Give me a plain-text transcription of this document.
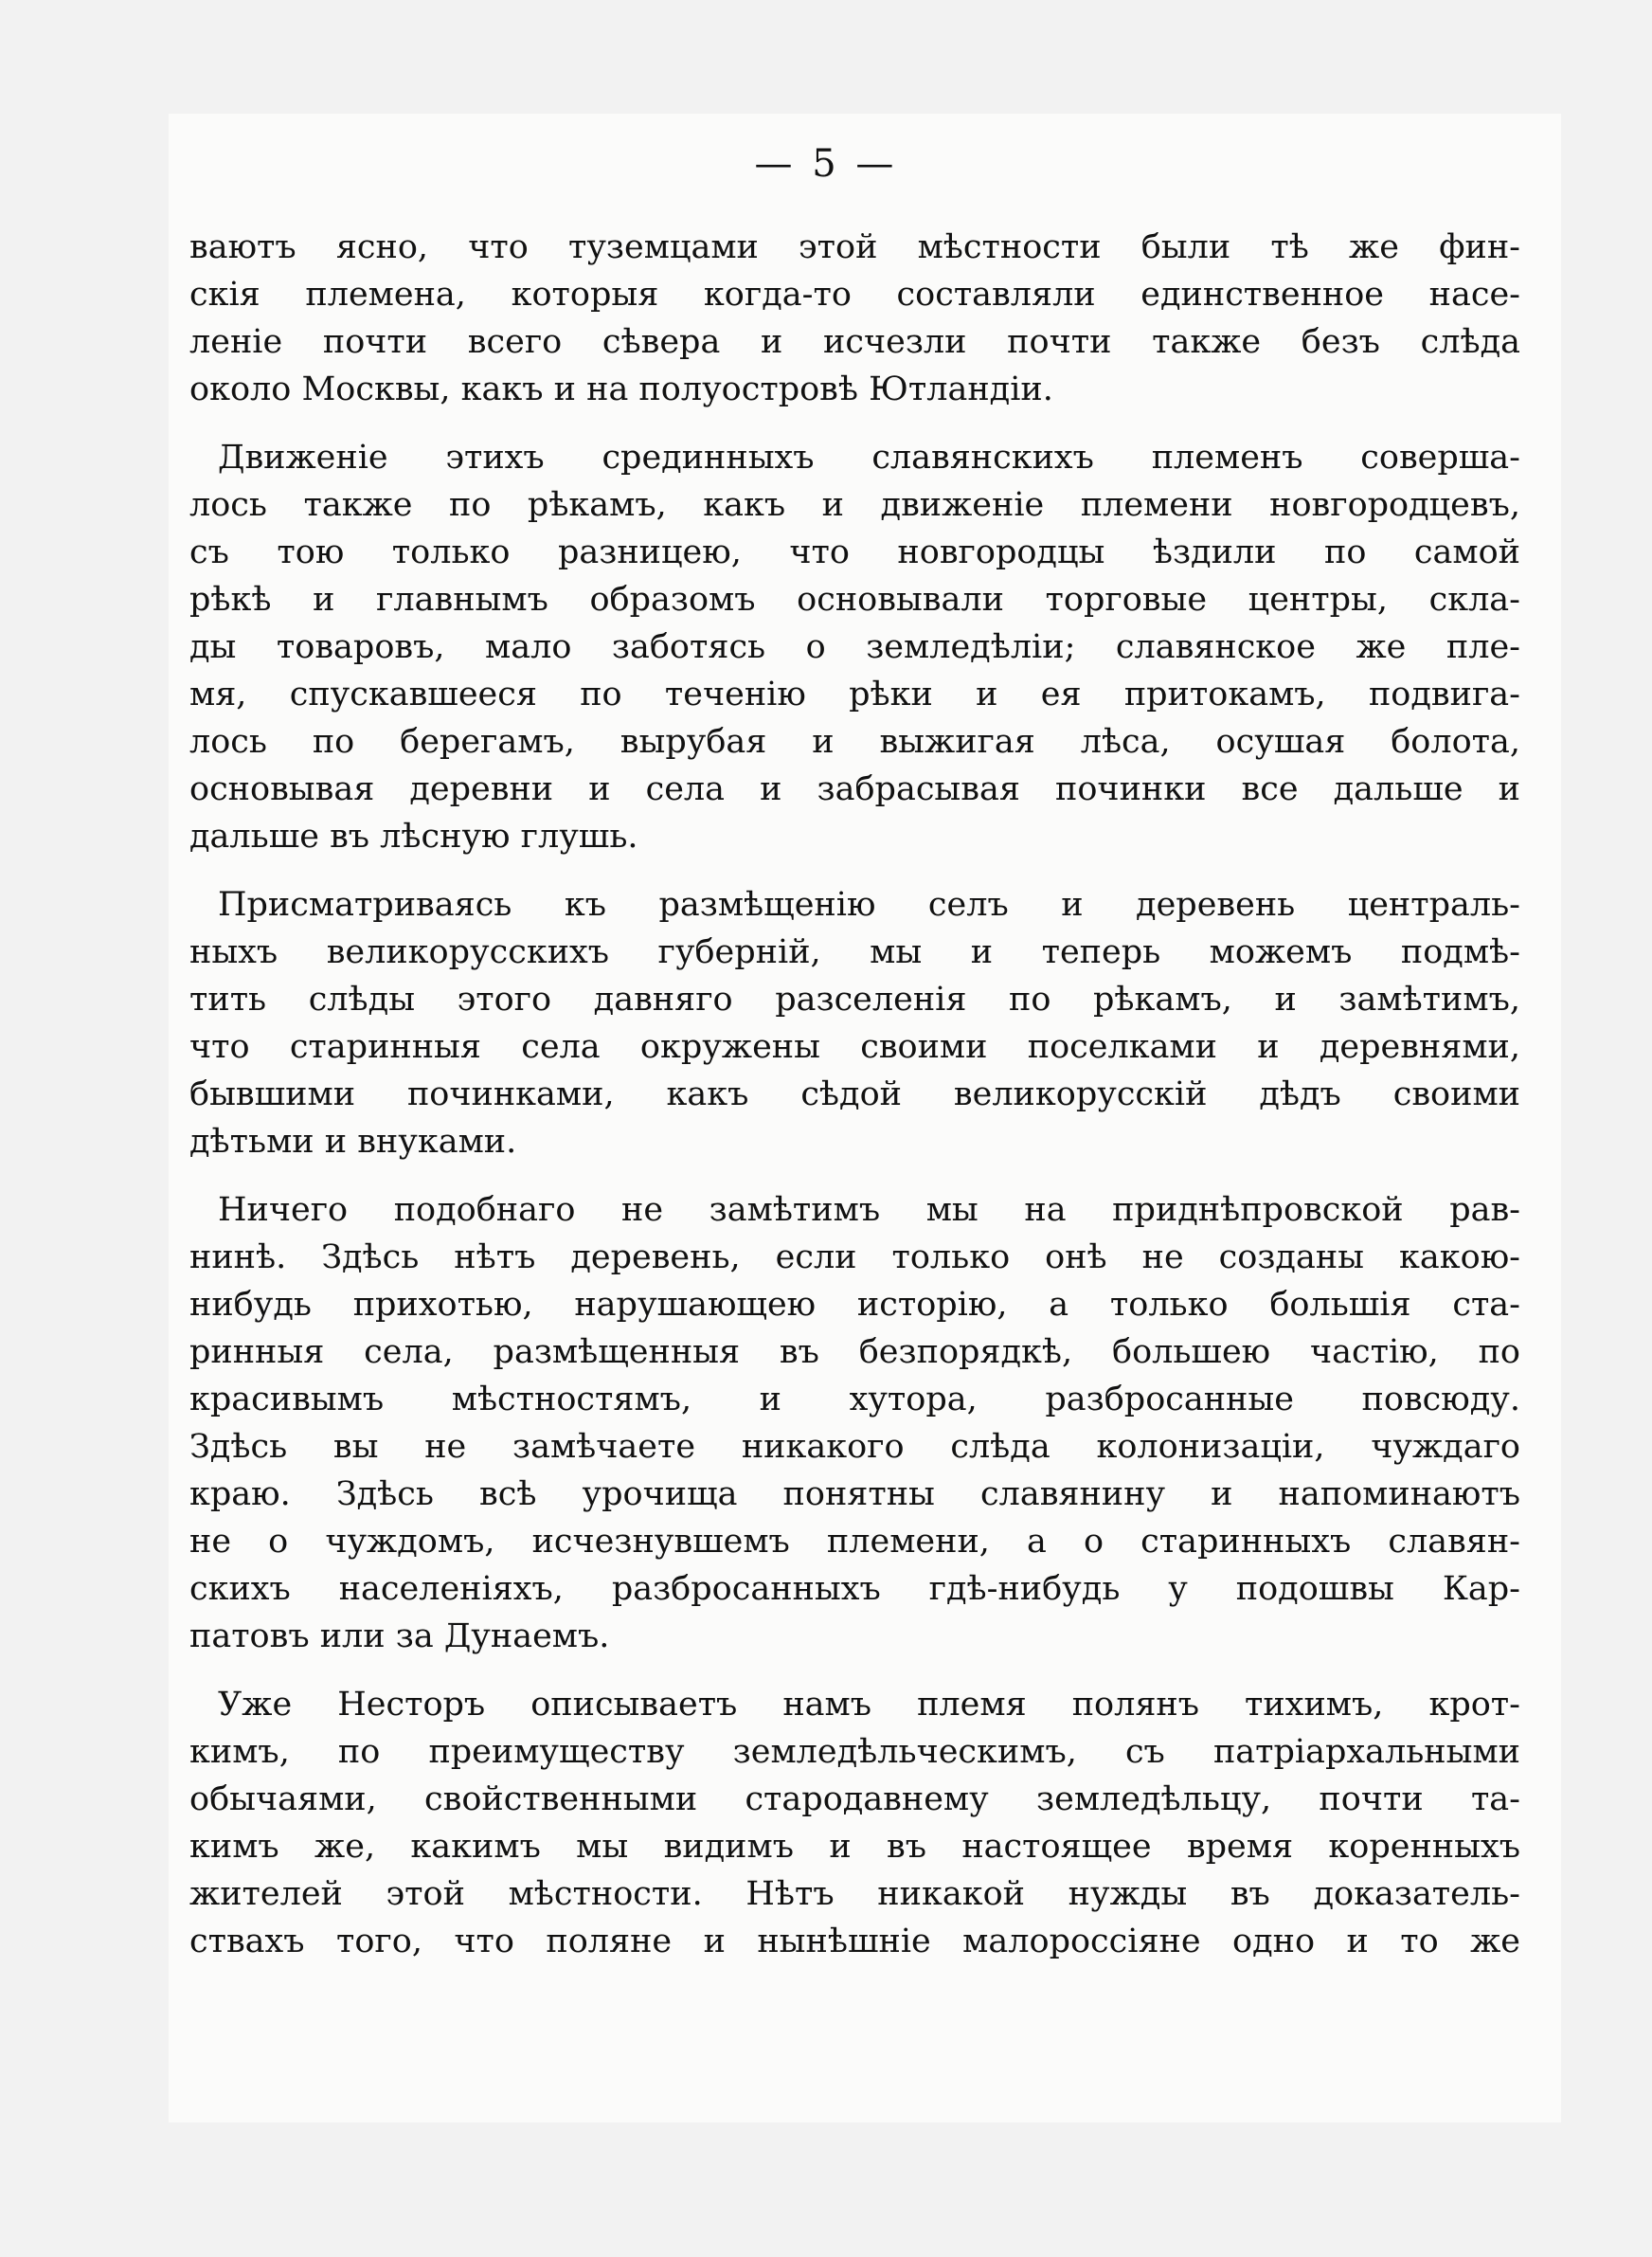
— 5 —
ваютъ ясно, что туземцами этой мѣстности были тѣ же фин-
скія племена, которыя когда-то составляли единственное насе-
леніе почти всего сѣвера и исчезли почти также безъ слѣда
около Москвы, какъ и на полуостровѣ Ютландіи.
Движеніе этихъ срединныхъ славянскихъ племенъ соверша-
лось также по рѣкамъ, какъ и движеніе племени новгородцевъ,
съ тою только разницею, что новгородцы ѣздили по самой
рѣкѣ и главнымъ образомъ основывали торговые центры, скла-
ды товаровъ, мало заботясь о земледѣліи; славянское же пле-
мя, спускавшееся по теченію рѣки и ея притокамъ, подвига-
лось по берегамъ, вырубая и выжигая лѣса, осушая болота,
основывая деревни и села и забрасывая починки все дальше и
дальше въ лѣсную глушь.
Присматриваясь къ размѣщенію селъ и деревень централь-
ныхъ великорусскихъ губерній, мы и теперь можемъ подмѣ-
тить слѣды этого давняго разселенія по рѣкамъ, и замѣтимъ,
что старинныя села окружены своими поселками и деревнями,
бывшими починками, какъ сѣдой великорусскій дѣдъ своими
дѣтьми и внуками.
Ничего подобнаго не замѣтимъ мы на приднѣпровской рав-
нинѣ. Здѣсь нѣтъ деревень, если только онѣ не созданы какою-
нибудь прихотью, нарушающею исторію, а только большія ста-
ринныя села, размѣщенныя въ безпорядкѣ, большею частію, по
красивымъ мѣстностямъ, и хутора, разбросанные повсюду.
Здѣсь вы не замѣчаете никакого слѣда колонизаціи, чуждаго
краю. Здѣсь всѣ урочища понятны славянину и напоминаютъ
не о чуждомъ, исчезнувшемъ племени, а о старинныхъ славян-
скихъ населеніяхъ, разбросанныхъ гдѣ-нибудь у подошвы Кар-
патовъ или за Дунаемъ.
Уже Несторъ описываетъ намъ племя полянъ тихимъ, крот-
кимъ, по преимуществу земледѣльческимъ, съ патріархальными
обычаями, свойственными стародавнему земледѣльцу, почти та-
кимъ же, какимъ мы видимъ и въ настоящее время коренныхъ
жителей этой мѣстности. Нѣтъ никакой нужды въ доказатель-
ствахъ того, что поляне и нынѣшніе малороссіяне одно и то же
